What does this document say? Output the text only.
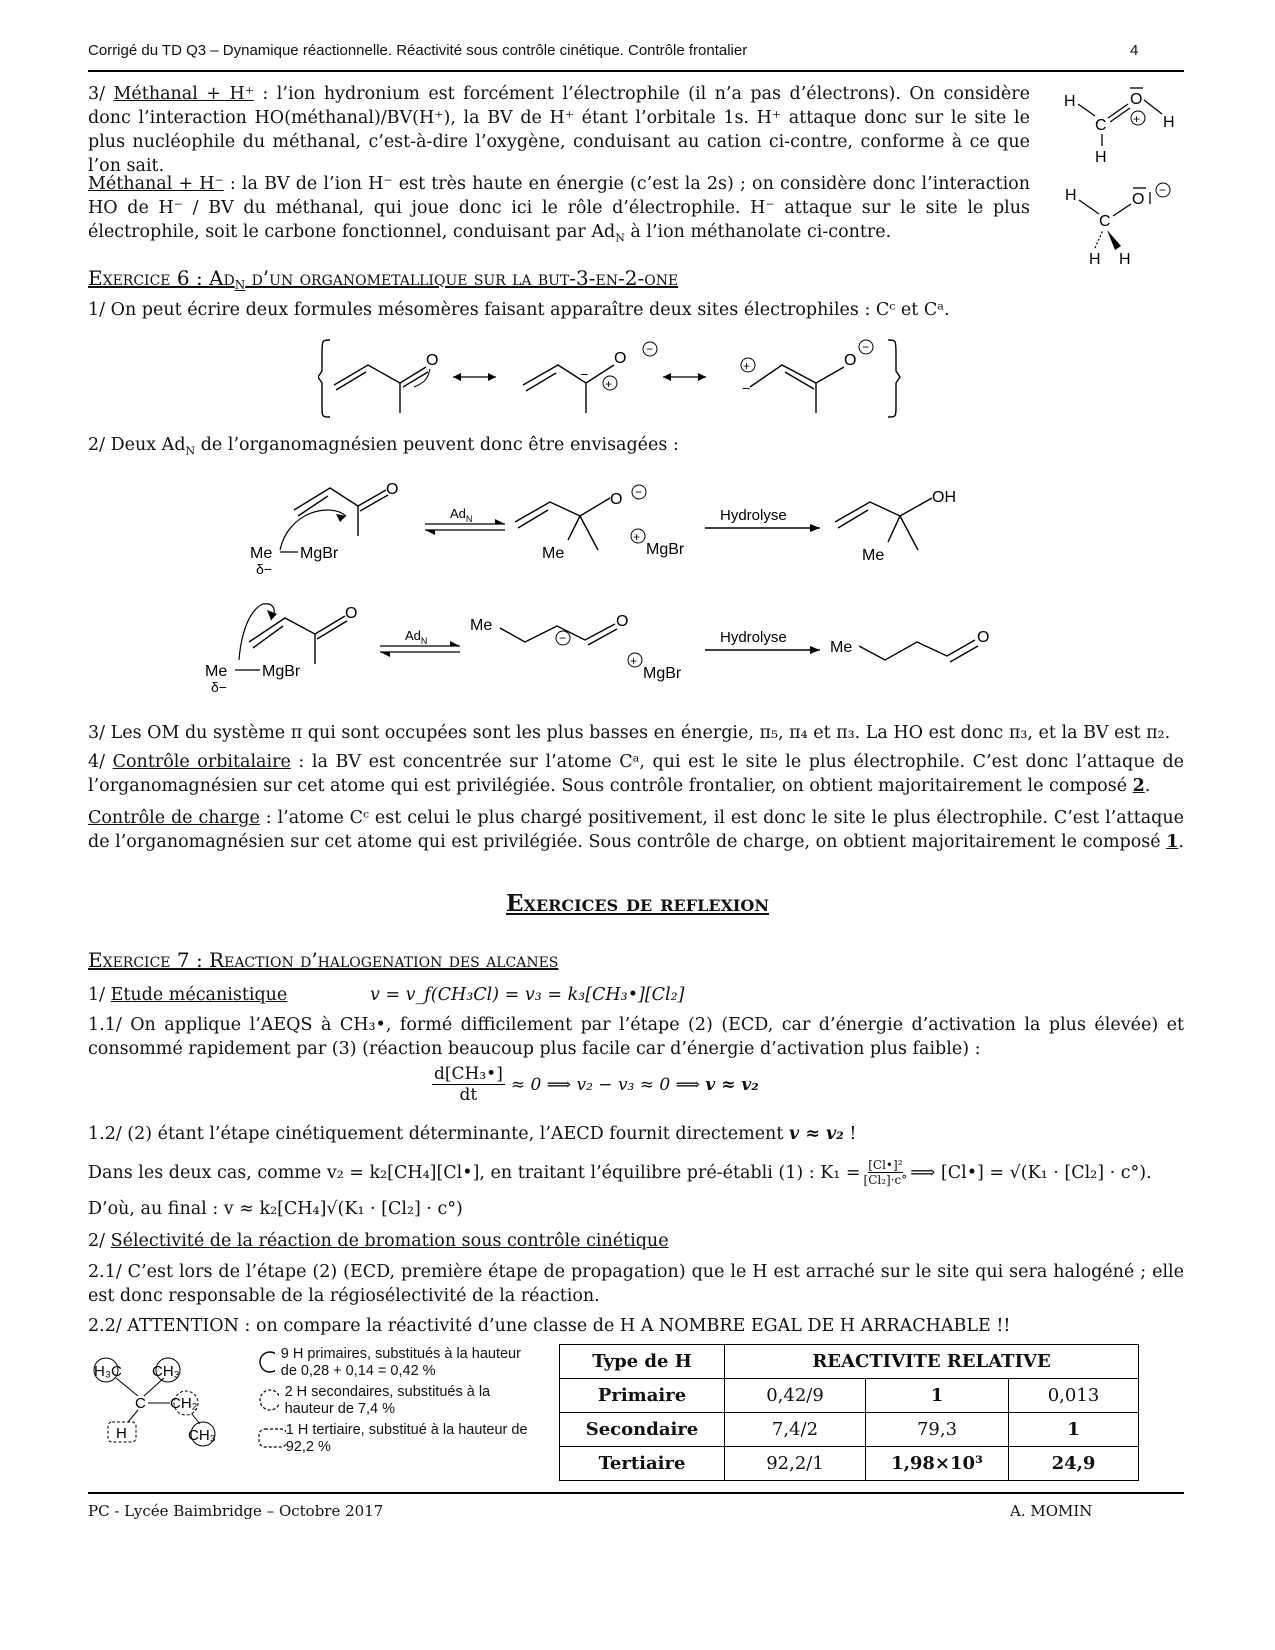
Corrigé du TD Q3 – Dynamique réactionnelle. Réactivité sous contrôle cinétique. Contrôle frontalier	4
3/ Méthanal + H⁺ : l’ion hydronium est forcément l’électrophile (il n’a pas d’électrons). On considère donc l’interaction HO(méthanal)/BV(H⁺), la BV de H⁺ étant l’orbitale 1s. H⁺ attaque donc sur le site le plus nucléophile du méthanal, c’est-à-dire l’oxygène, conduisant au cation ci-contre, conforme à ce que l’on sait.
Méthanal + H⁻ : la BV de l’ion H⁻ est très haute en énergie (c’est la 2s) ; on considère donc l’interaction HO de H⁻ / BV du méthanal, qui joue donc ici le rôle d’électrophile. H⁻ attaque sur le site le plus électrophile, soit le carbone fonctionnel, conduisant par $Ad_N$ à l’ion méthanolate ci-contre.
H
C
O
H
+
H
H
C
O
−
H H
Exercice 6 : $Ad_N$ d’un organometallique sur la but-3-en-2-one
1/ On peut écrire deux formules mésomères faisant apparaître deux sites électrophiles : Cᶜ et Cᵃ.
O	O
−
+
−
O
−
+
−
2/ Deux $Ad_N$ de l’organomagnésien peuvent donc être envisagées :
O
Me MgBr
δ−
$Ad_N$
O −
Me
+
MgBr
Hydrolyse
OH
Me
O
Me MgBr
δ−
$Ad_N$
Me	O
−
+
MgBr
Hydrolyse
Me
O
3/ Les OM du système π qui sont occupées sont les plus basses en énergie, π₅, π₄ et π₃. La HO est donc π₃, et la BV est π₂.
4/ Contrôle orbitalaire : la BV est concentrée sur l’atome Cᵃ, qui est le site le plus électrophile. C’est donc l’attaque de l’organomagnésien sur cet atome qui est privilégiée. Sous contrôle frontalier, on obtient majoritairement le composé 2.
Contrôle de charge : l’atome Cᶜ est celui le plus chargé positivement, il est donc le site le plus électrophile. C’est l’attaque de l’organomagnésien sur cet atome qui est privilégiée. Sous contrôle de charge, on obtient majoritairement le composé 1.
Exercices de reflexion
Exercice 7 : Reaction d’halogenation des alcanes
1/ Etude mécanistique	v = v_f(CH₃Cl) = v₃ = k₃[CH₃•][Cl₂]
1.1/ On applique l’AEQS à CH₃•, formé difficilement par l’étape (2) (ECD, car d’énergie d’activation la plus élevée) et consommé rapidement par (3) (réaction beaucoup plus facile car d’énergie d’activation plus faible) :
$\frac{\text{d[CH₃•]}}{dt} \approx 0$ ⟹ v₂ − v₃ ≈ 0 ⟹
v ≈ v₂
1.2/ (2) étant l’étape cinétiquement déterminante, l’AECD fournit directement v ≈ v₂ !
Dans les deux cas, comme v₂ = k₂[CH₄][Cl•], en traitant l’équilibre pré-établi (1) : $K_1 = \frac{\text{[Cl•]²}}{\text{[Cl₂]·c°}}$ ⟹ [Cl•] = √(K₁ · [Cl₂] · c°).
D’où, au final : v ≈ k₂[CH₄]√(K₁ · [Cl₂] · c°)
2/ Sélectivité de la réaction de bromation sous contrôle cinétique
2.1/ C’est lors de l’étape (2) (ECD, première étape de propagation) que le H est arraché sur le site qui sera halogéné ; elle est donc responsable de la régiosélectivité de la réaction.
2.2/ ATTENTION : on compare la réactivité d’une classe de H A NOMBRE EGAL DE H ARRACHABLE !!
H₃C CH₃
C CH₂
H	CH₃
9 H primaires, substitués à la hauteur de 0,28 + 0,14 = 0,42 %
2 H secondaires, substitués à la hauteur de 7,4 %
1 H tertiaire, substitué à la hauteur de 92,2 %
Type de H	REACTIVITE RELATIVE		
Primaire	0,42/9	1	0,013
Secondaire	7,4/2	79,3	1
Tertiaire	92,2/1	1,98×10³	24,9
PC - Lycée Baimbridge – Octobre 2017	A. MOMIN
